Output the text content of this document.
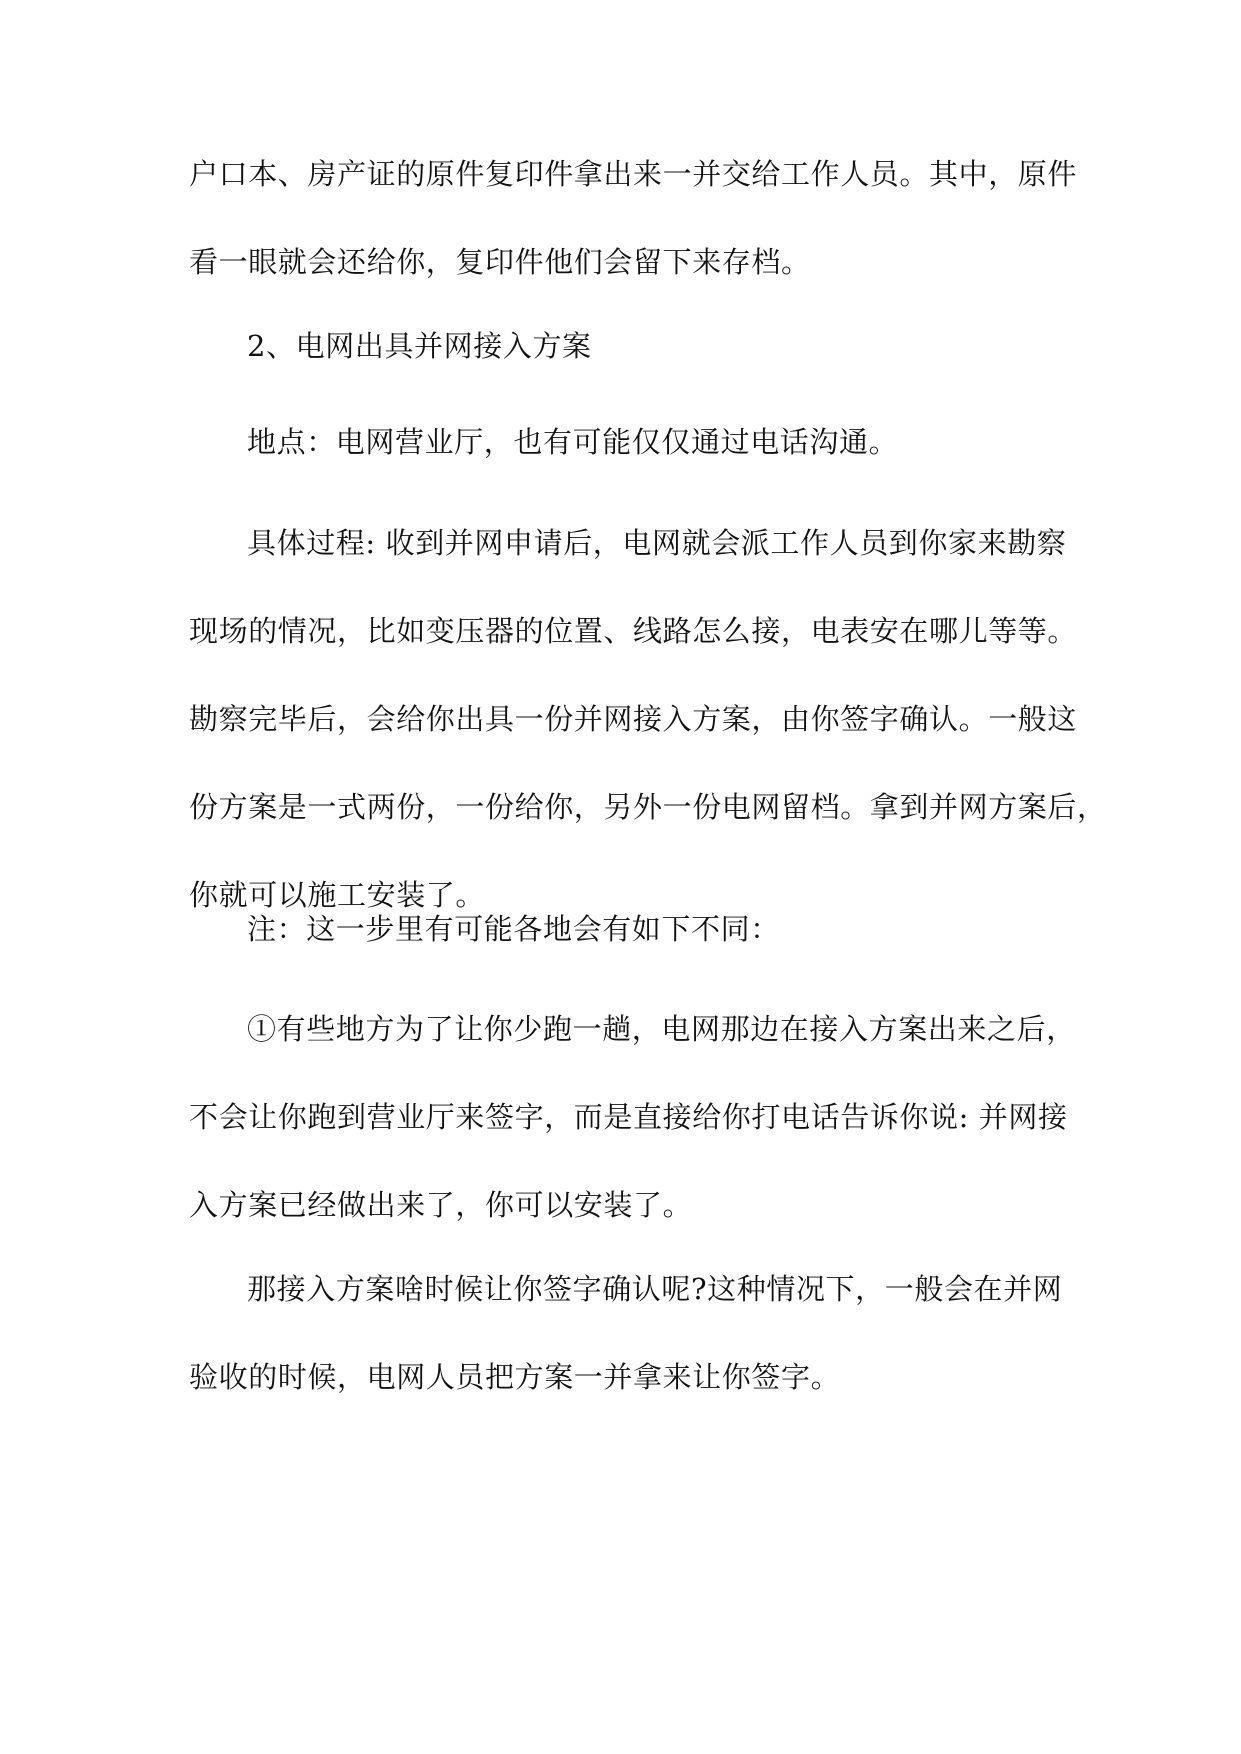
户口本、房产证的原件复印件拿出来一并交给工作人员。其中，原件
看一眼就会还给你，复印件他们会留下来存档。
2、电网出具并网接入方案
地点：电网营业厅，也有可能仅仅通过电话沟通。
具体过程: 收到并网申请后，电网就会派工作人员到你家来勘察
现场的情况，比如变压器的位置、线路怎么接，电表安在哪儿等等。
勘察完毕后，会给你出具一份并网接入方案，由你签字确认。一般这
份方案是一式两份，一份给你，另外一份电网留档。拿到并网方案后，
你就可以施工安装了。
注：这一步里有可能各地会有如下不同：
①有些地方为了让你少跑一趟，电网那边在接入方案出来之后，
不会让你跑到营业厅来签字，而是直接给你打电话告诉你说: 并网接
入方案已经做出来了，你可以安装了。
那接入方案啥时候让你签字确认呢?这种情况下，一般会在并网
验收的时候，电网人员把方案一并拿来让你签字。
